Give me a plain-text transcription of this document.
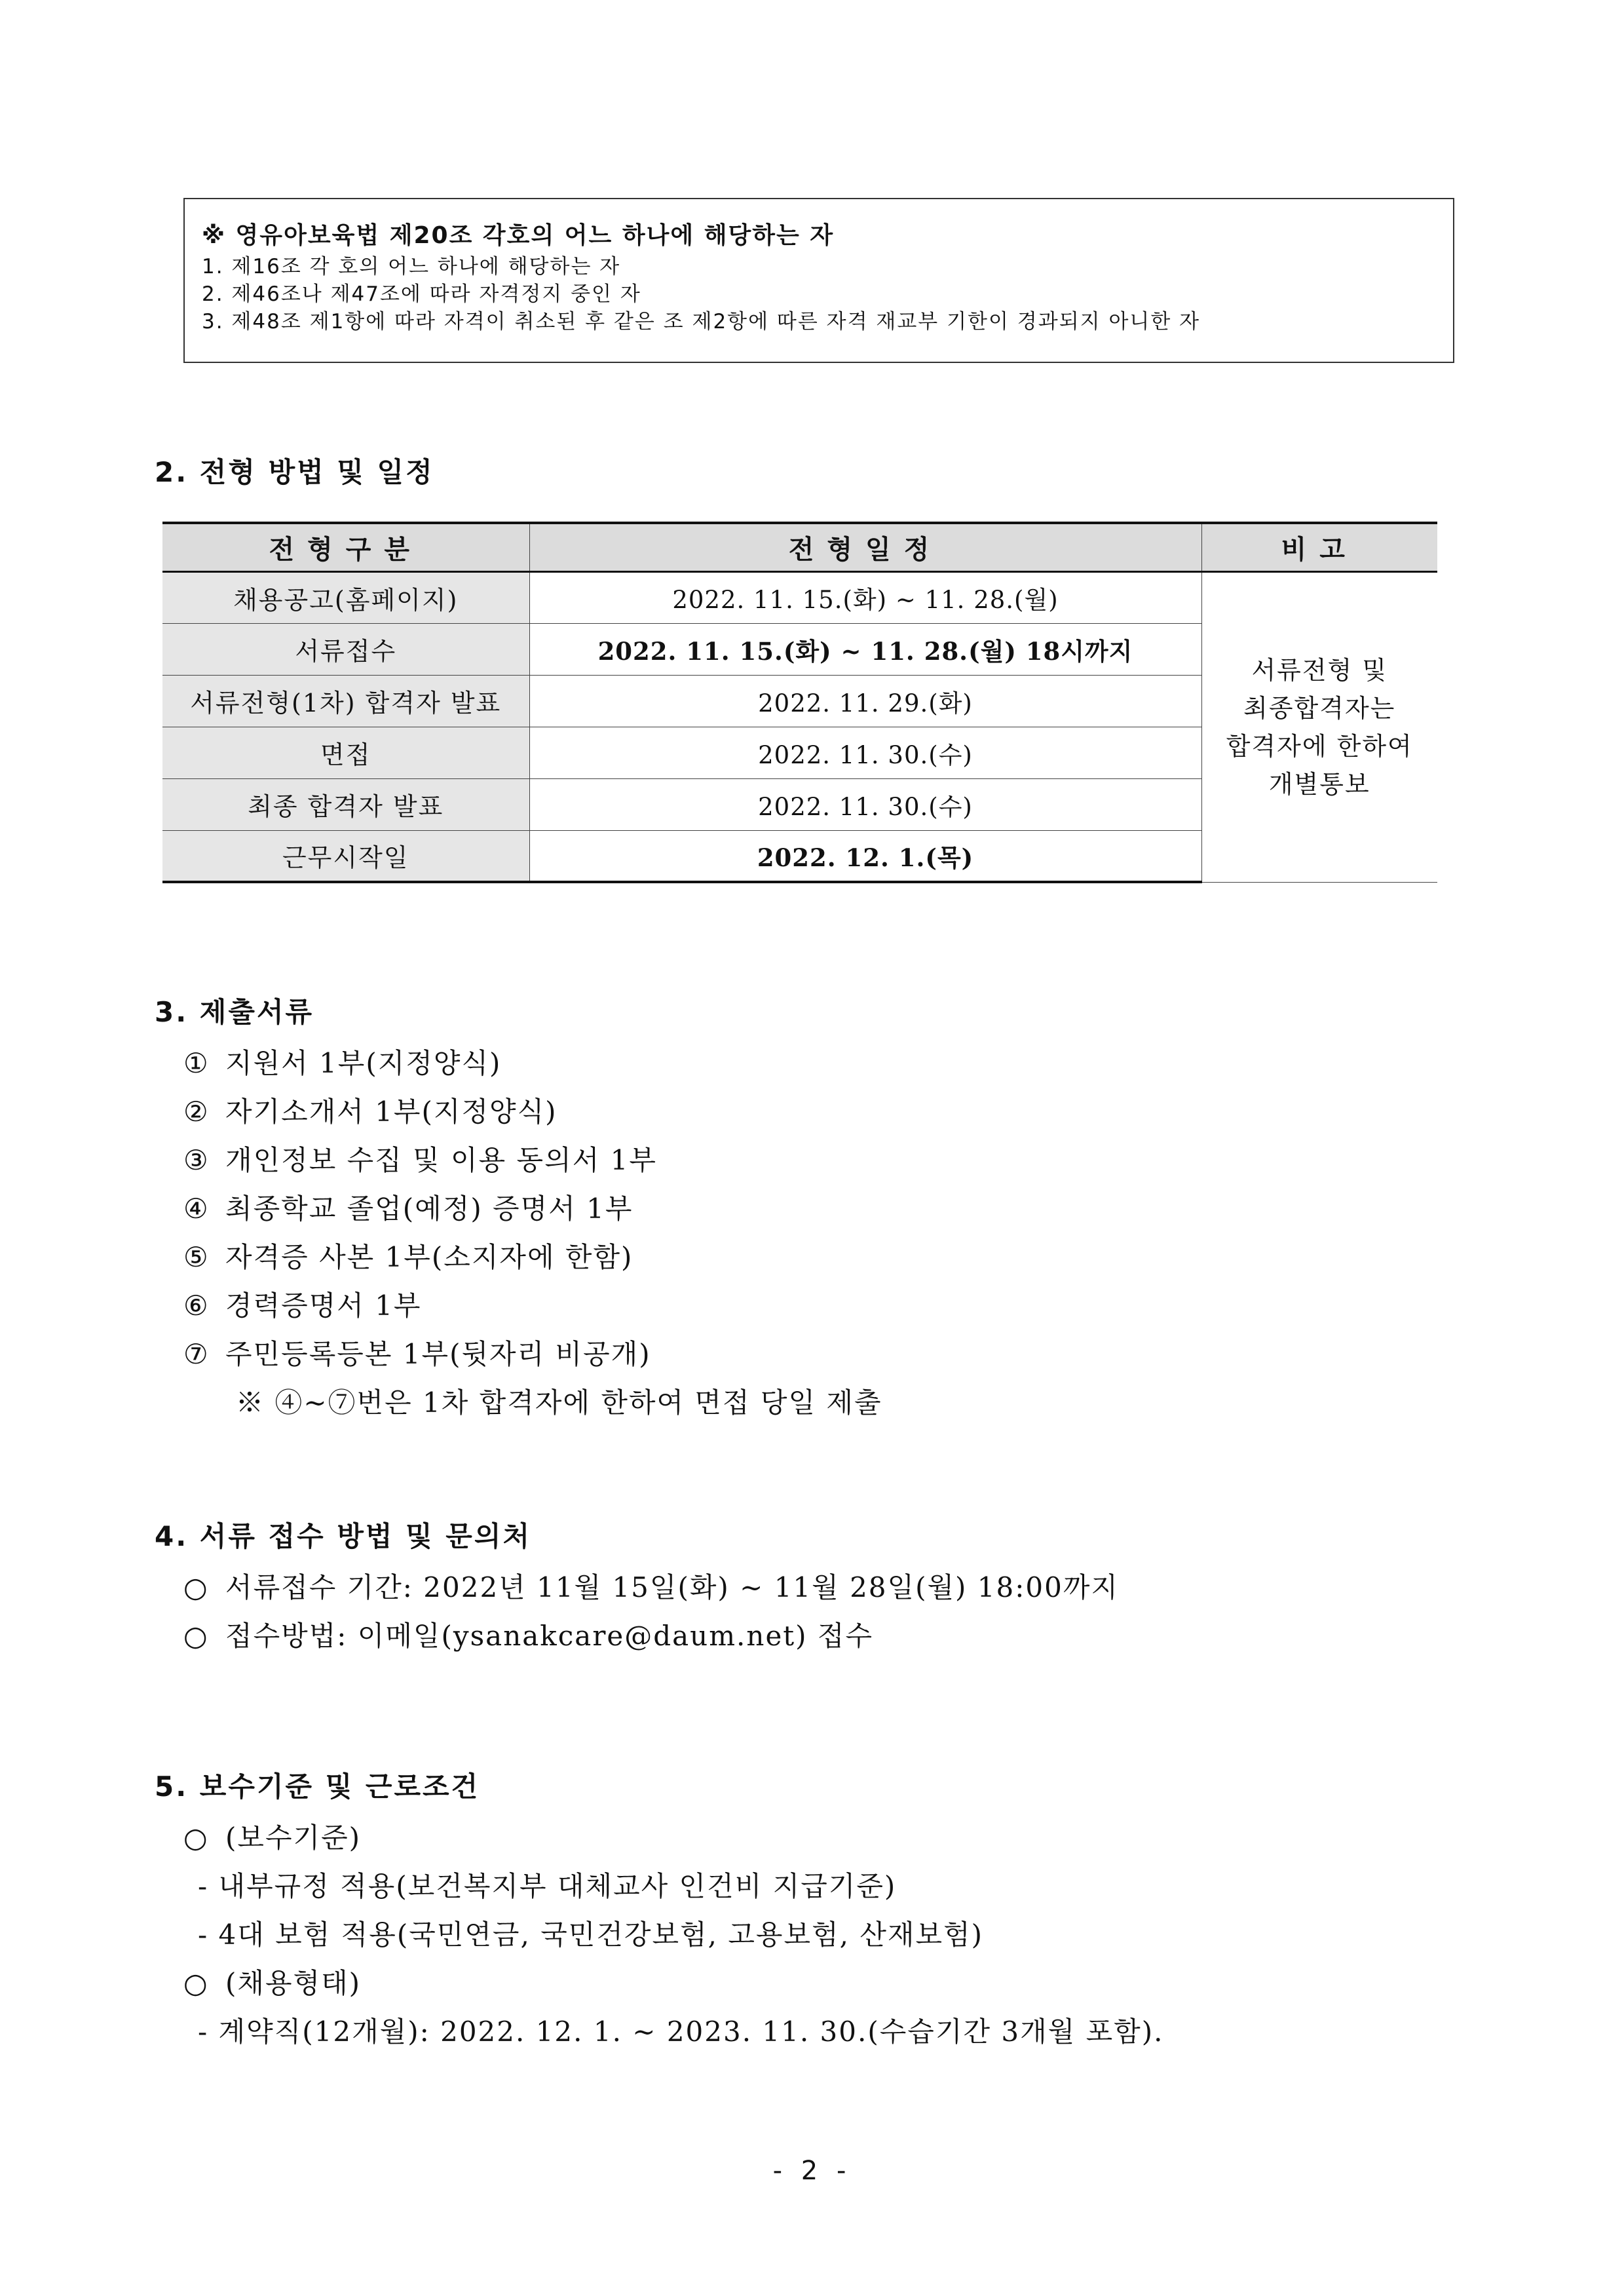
※ 영유아보육법 제20조 각호의 어느 하나에 해당하는 자
1. 제16조 각 호의 어느 하나에 해당하는 자
2. 제46조나 제47조에 따라 자격정지 중인 자
3. 제48조 제1항에 따라 자격이 취소된 후 같은 조 제2항에 따른 자격 재교부 기한이 경과되지 아니한 자
2. 전형 방법 및 일정
전형구분	전형일정	비고
채용공고(홈페이지)	2022. 11. 15.(화) ~ 11. 28.(월)	서류전형 및
최종합격자는
합격자에 한하여
개별통보

서류접수	2022. 11. 15.(화) ~ 11. 28.(월) 18시까지	
서류전형(1차) 합격자 발표	2022. 11. 29.(화)	
면접	2022. 11. 30.(수)	
최종 합격자 발표	2022. 11. 30.(수)	
근무시작일	2022. 12. 1.(목)	
3. 제출서류
① 지원서 1부(지정양식)
② 자기소개서 1부(지정양식)
③ 개인정보 수집 및 이용 동의서 1부
④ 최종학교 졸업(예정) 증명서 1부
⑤ 자격증 사본 1부(소지자에 한함)
⑥ 경력증명서 1부
⑦ 주민등록등본 1부(뒷자리 비공개)
※ ④~⑦번은 1차 합격자에 한하여 면접 당일 제출
4. 서류 접수 방법 및 문의처
○ 서류접수 기간: 2022년 11월 15일(화) ∼ 11월 28일(월) 18:00까지
○ 접수방법: 이메일(ysanakcare@daum.net) 접수
5. 보수기준 및 근로조건
○ (보수기준)
- 내부규정 적용(보건복지부 대체교사 인건비 지급기준)
- 4대 보험 적용(국민연금, 국민건강보험, 고용보험, 산재보험)
○ (채용형태)
- 계약직(12개월): 2022. 12. 1. ~ 2023. 11. 30.(수습기간 3개월 포함).
- 2 -
